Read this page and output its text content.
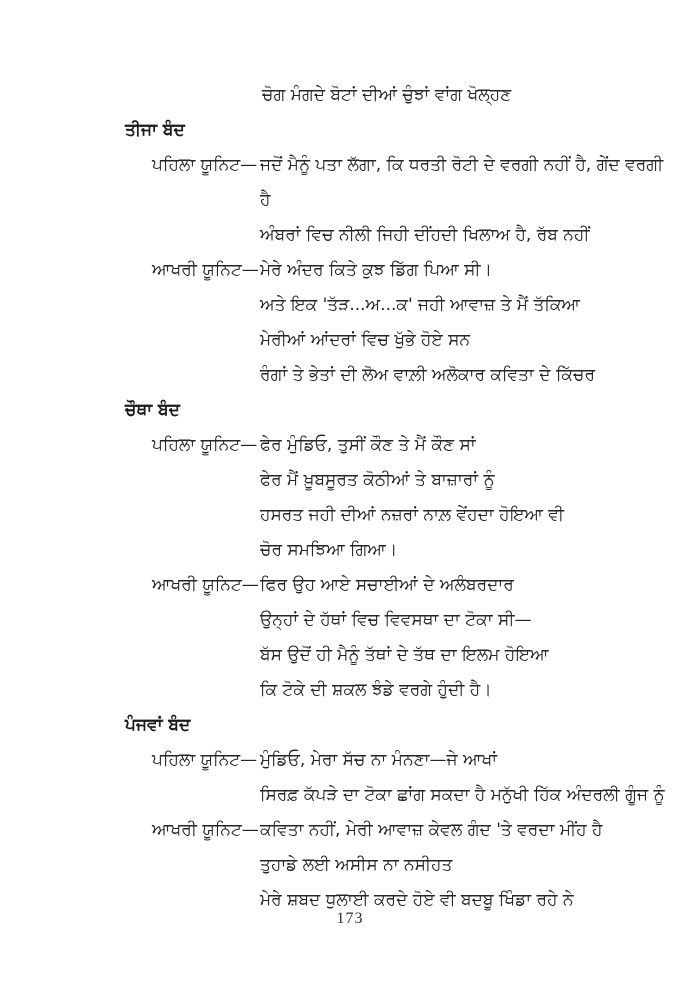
ਚੋਗ ਮੰਗਦੇ ਬੋਟਾਂ ਦੀਆਂ ਚੁੰਝਾਂ ਵਾਂਗ ਖੋਲ੍ਹਣ
ਤੀਜਾ ਬੰਦ
ਪਹਿਲਾ ਯੂਨਿਟ— ਜਦੋਂ ਮੈਨੂੰ ਪਤਾ ਲੱਗਾ, ਕਿ ਧਰਤੀ ਰੋਟੀ ਦੇ ਵਰਗੀ ਨਹੀਂ ਹੈ, ਗੇਂਦ ਵਰਗੀ
ਹੈ
ਅੰਬਰਾਂ ਵਿਚ ਨੀਲੀ ਜਿਹੀ ਦੀਂਹਦੀ ਖਿਲਾਅ ਹੈ, ਰੱਬ ਨਹੀਂ
ਆਖਰੀ ਯੂਨਿਟ— ਮੇਰੇ ਅੰਦਰ ਕਿਤੇ ਕੁਝ ਡਿੱਗ ਪਿਆ ਸੀ।
ਅਤੇ ਇਕ 'ਤੱੜ...ਅ...ਕ' ਜਹੀ ਆਵਾਜ਼ ਤੇ ਮੈਂ ਤੱਕਿਆ
ਮੇਰੀਆਂ ਆਂਦਰਾਂ ਵਿਚ ਖੁੱਭੇ ਹੋਏ ਸਨ
ਰੰਗਾਂ ਤੇ ਭੇਤਾਂ ਦੀ ਲੋਅ ਵਾਲ਼ੀ ਅਲੋਕਾਰ ਕਵਿਤਾ ਦੇ ਕਿੱਚਰ
ਚੌਥਾ ਬੰਦ
ਪਹਿਲਾ ਯੂਨਿਟ— ਫੇਰ ਮੁੰਡਿਓ, ਤੁਸੀਂ ਕੌਣ ਤੇ ਮੈਂ ਕੌਣ ਸਾਂ
ਫੇਰ ਮੈਂ ਖ਼ੂਬਸੂਰਤ ਕੋਠੀਆਂ ਤੇ ਬਾਜ਼ਾਰਾਂ ਨੂੰ
ਹਸਰਤ ਜਹੀ ਦੀਆਂ ਨਜ਼ਰਾਂ ਨਾਲ਼ ਵੇਂਹਦਾ ਹੋਇਆ ਵੀ
ਚੋਰ ਸਮਝਿਆ ਗਿਆ।
ਆਖਰੀ ਯੂਨਿਟ— ਫਿਰ ਉਹ ਆਏ ਸਚਾਈਆਂ ਦੇ ਅਲੰਬਰਦਾਰ
ਉਨ੍ਹਾਂ ਦੇ ਹੱਥਾਂ ਵਿਚ ਵਿਵਸਥਾ ਦਾ ਟੋਕਾ ਸੀ—
ਬੱਸ ਉਦੋਂ ਹੀ ਮੈਨੂੰ ਤੱਥਾਂ ਦੇ ਤੱਥ ਦਾ ਇਲਮ ਹੋਇਆ
ਕਿ ਟੋਕੇ ਦੀ ਸ਼ਕਲ ਝੰਡੇ ਵਰਗੇ ਹੁੰਦੀ ਹੈ।
ਪੰਜਵਾਂ ਬੰਦ
ਪਹਿਲਾ ਯੂਨਿਟ— ਮੁੰਡਿਓ, ਮੇਰਾ ਸੱਚ ਨਾ ਮੰਨਣਾ—ਜੇ ਆਖਾਂ
ਸਿਰਫ਼ ਕੱਪੜੇ ਦਾ ਟੋਕਾ ਛਾਂਗ ਸਕਦਾ ਹੈ ਮਨੁੱਖੀ ਹਿੱਕ ਅੰਦਰਲੀ ਗੂੰਜ ਨੂੰ
ਆਖਰੀ ਯੂਨਿਟ— ਕਵਿਤਾ ਨਹੀਂ, ਮੇਰੀ ਆਵਾਜ਼ ਕੇਵਲ ਗੰਦ 'ਤੇ ਵਰਦਾ ਮੀਂਹ ਹੈ
ਤੁਹਾਡੇ ਲਈ ਅਸੀਸ ਨਾ ਨਸੀਹਤ
ਮੇਰੇ ਸ਼ਬਦ ਧੁਲਾਈ ਕਰਦੇ ਹੋਏ ਵੀ ਬਦਬੂ ਖਿੰਡਾ ਰਹੇ ਨੇ
173
